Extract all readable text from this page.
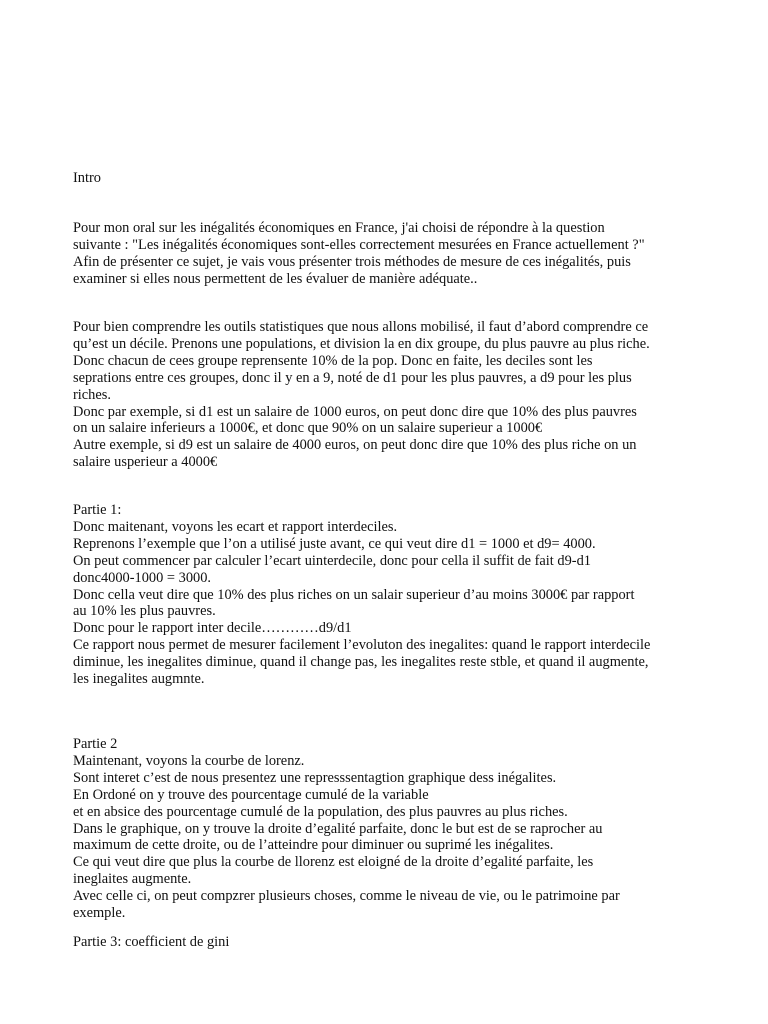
Intro

Pour mon oral sur les inégalités économiques en France, j'ai choisi de répondre à la question
suivante : "Les inégalités économiques sont-elles correctement mesurées en France actuellement ?"
Afin de présenter ce sujet, je vais vous présenter trois méthodes de mesure de ces inégalités, puis
examiner si elles nous permettent de les évaluer de manière adéquate..

Pour bien comprendre les outils statistiques que nous allons mobilisé, il faut d’abord comprendre ce
qu’est un décile. Prenons une populations, et division la en dix groupe, du plus pauvre au plus riche.
Donc chacun de cees groupe reprensente 10% de la pop. Donc en faite, les deciles sont les
seprations entre ces groupes, donc il y en a 9, noté de d1 pour les plus pauvres, a d9 pour les plus
riches.
Donc par exemple, si d1 est un salaire de 1000 euros, on peut donc dire que 10% des plus pauvres
on un salaire inferieurs a 1000€, et donc que 90% on un salaire superieur a 1000€
Autre exemple, si d9 est un salaire de 4000 euros, on peut donc dire que 10% des plus riche on un
salaire usperieur a 4000€

Partie 1:
Donc maitenant, voyons les ecart et rapport interdeciles.
Reprenons l’exemple que l’on a utilisé juste avant, ce qui veut dire d1 = 1000 et d9= 4000.
On peut commencer par calculer l’ecart uinterdecile, donc pour cella il suffit de fait d9-d1
donc4000-1000 = 3000.
Donc cella veut dire que 10% des plus riches on un salair superieur d’au moins 3000€ par rapport
au 10% les plus pauvres.
Donc pour le rapport inter decile…………d9/d1
Ce rapport nous permet de mesurer facilement l’evoluton des inegalites: quand le rapport interdecile
diminue, les inegalites diminue, quand il change pas, les inegalites reste stble, et quand il augmente,
les inegalites augmnte.

Partie 2
Maintenant, voyons la courbe de lorenz.
Sont interet c’est de nous presentez une represssentagtion graphique dess inégalites.
En Ordoné on y trouve des pourcentage cumulé de la variable
et en absice des pourcentage cumulé de la population, des plus pauvres au plus riches.
Dans le graphique, on y trouve la droite d’egalité parfaite, donc le but est de se raprocher au
maximum de cette droite, ou de l’atteindre pour diminuer ou suprimé les inégalites.
Ce qui veut dire que plus la courbe de llorenz est eloigné de la droite d’egalité parfaite, les
ineglaites augmente.
Avec celle ci, on peut compzrer plusieurs choses, comme le niveau de vie, ou le patrimoine par
exemple.

Partie 3: coefficient de gini
